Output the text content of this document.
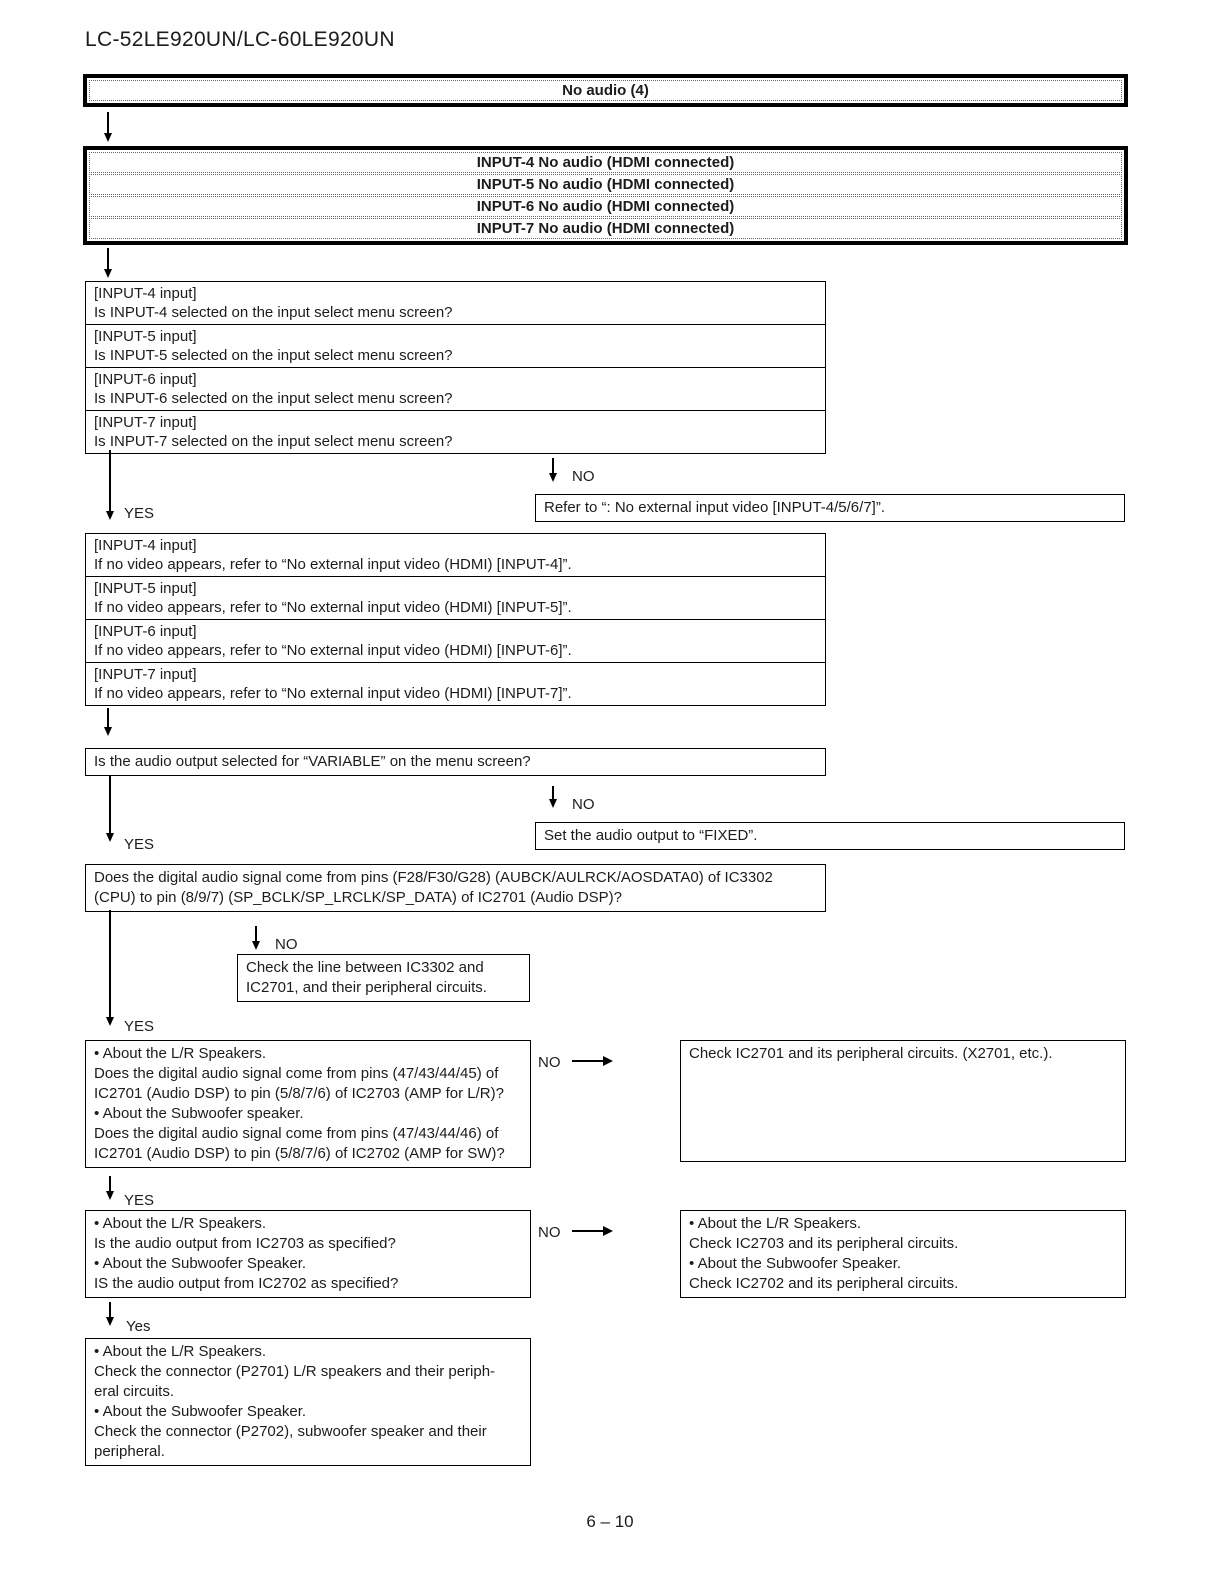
LC-52LE920UN/LC-60LE920UN
No audio (4)
INPUT-4 No audio (HDMI connected)
INPUT-5 No audio (HDMI connected)
INPUT-6 No audio (HDMI connected)
INPUT-7 No audio (HDMI connected)
[INPUT-4 input]
Is INPUT-4 selected on the input select menu screen?
[INPUT-5 input]
Is INPUT-5 selected on the input select menu screen?
[INPUT-6 input]
Is INPUT-6 selected on the input select menu screen?
[INPUT-7 input]
Is INPUT-7 selected on the input select menu screen?
NO
Refer to “: No external input video [INPUT-4/5/6/7]”.
YES
[INPUT-4 input]
If no video appears, refer to “No external input video (HDMI) [INPUT-4]”.
[INPUT-5 input]
If no video appears, refer to “No external input video (HDMI) [INPUT-5]”.
[INPUT-6 input]
If no video appears, refer to “No external input video (HDMI) [INPUT-6]”.
[INPUT-7 input]
If no video appears, refer to “No external input video (HDMI) [INPUT-7]”.
Is the audio output selected for “VARIABLE” on the menu screen?
NO
Set the audio output to “FIXED”.
YES
Does the digital audio signal come from pins (F28/F30/G28) (AUBCK/AULRCK/AOSDATA0) of IC3302
(CPU) to pin (8/9/7) (SP_BCLK/SP_LRCLK/SP_DATA) of IC2701 (Audio DSP)?
NO
Check the line between IC3302 and
IC2701, and their peripheral circuits.
YES
• About the L/R Speakers.
Does the digital audio signal come from pins (47/43/44/45) of
IC2701 (Audio DSP) to pin (5/8/7/6) of IC2703 (AMP for L/R)?
• About the Subwoofer speaker.
Does the digital audio signal come from pins (47/43/44/46) of
IC2701 (Audio DSP) to pin (5/8/7/6) of IC2702 (AMP for SW)?
NO
Check IC2701 and its peripheral circuits. (X2701, etc.).
YES
• About the L/R Speakers.
Is the audio output from IC2703 as specified?
• About the Subwoofer Speaker.
IS the audio output from IC2702 as specified?
NO
• About the L/R Speakers.
Check IC2703 and its peripheral circuits.
• About the Subwoofer Speaker.
Check IC2702 and its peripheral circuits.
Yes
• About the L/R Speakers.
Check the connector (P2701) L/R speakers and their periph-
eral circuits.
• About the Subwoofer Speaker.
Check the connector (P2702), subwoofer speaker and their
peripheral.
6 – 10
